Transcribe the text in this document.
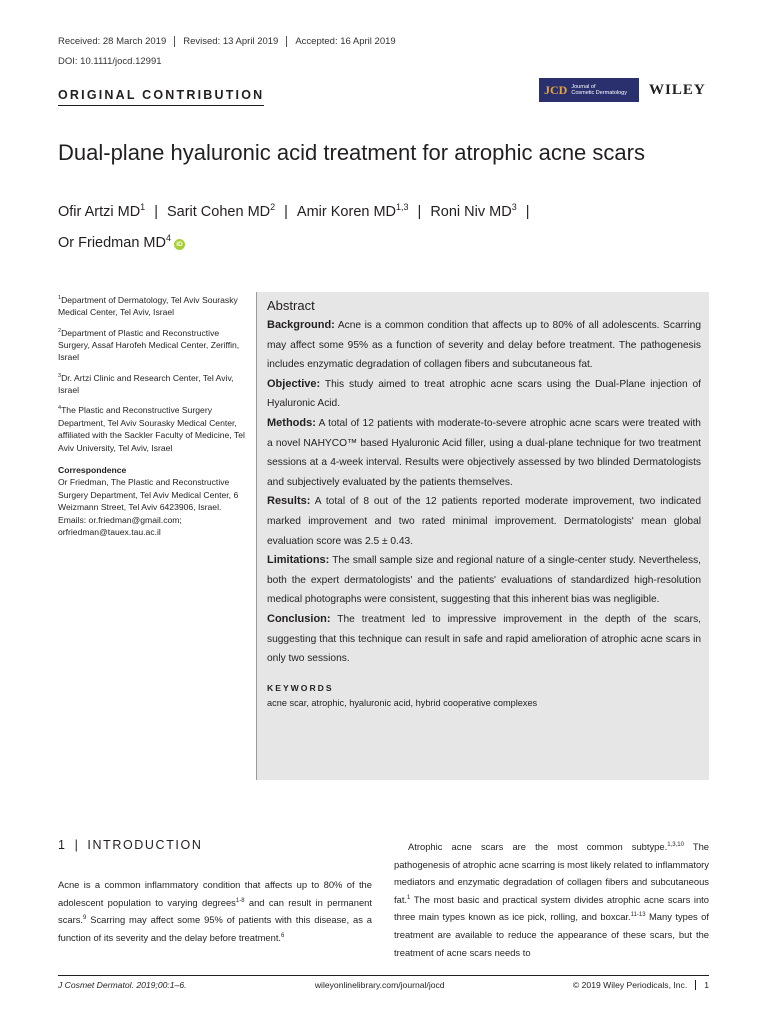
Received: 28 March 2019	Revised: 13 April 2019	Accepted: 16 April 2019
DOI: 10.1111/jocd.12991
ORIGINAL CONTRIBUTION	JCD Journal of
Cosmetic Dermatology WILEY
Dual-plane hyaluronic acid treatment for atrophic acne scars
Ofir Artzi $MD^1$ | Sarit Cohen $MD^2$ | Amir Koren MD$^{1,3}$ | Roni Niv $MD^3$ |
Or Friedman $MD^4iD$

$^1$Department of Dermatology, Tel Aviv Sourasky Medical Center, Tel Aviv, Israel

$^2$Department of Plastic and Reconstructive Surgery, Assaf Harofeh Medical Center, Zeriffin, Israel

$^3$Dr. Artzi Clinic and Research Center, Tel Aviv, Israel

$^4$The Plastic and Reconstructive Surgery Department, Tel Aviv Sourasky Medical Center, affiliated with the Sackler Faculty of Medicine, Tel Aviv University, Tel Aviv, Israel

Correspondence

Or Friedman, The Plastic and Reconstructive Surgery Department, Tel Aviv Medical Center, 6 Weizmann Street, Tel Aviv 6423906, Israel.
Emails: or.friedman@gmail.com; orfriedman@tauex.tau.ac.il

Abstract

Background: Acne is a common condition that affects up to 80% of all adolescents. Scarring may affect some 95% as a function of severity and delay before treatment. The pathogenesis includes enzymatic degradation of collagen fibers and subcutaneous fat.

Objective: This study aimed to treat atrophic acne scars using the Dual-Plane injection of Hyaluronic Acid.

Methods: A total of 12 patients with moderate-to-severe atrophic acne scars were treated with a novel NAHYCO™ based Hyaluronic Acid filler, using a dual-plane technique for two treatment sessions at a 4-week interval. Results were objectively assessed by two blinded Dermatologists and subjectively evaluated by the patients themselves.

Results: A total of 8 out of the 12 patients reported moderate improvement, two indicated marked improvement and two rated minimal improvement. Dermatologists' mean global evaluation score was 2.5 ± 0.43.

Limitations: The small sample size and regional nature of a single-center study. Nevertheless, both the expert dermatologists' and the patients' evaluations of standardized high-resolution medical photographs were consistent, suggesting that this inherent bias was negligible.

Conclusion: The treatment led to impressive improvement in the depth of the scars, suggesting that this technique can result in safe and rapid amelioration of atrophic acne scars in only two sessions.

KEYWORDS
acne scar, atrophic, hyaluronic acid, hybrid cooperative complexes
1 | INTRODUCTION

Acne is a common inflammatory condition that affects up to 80% of the adolescent population to varying degrees$^{1-8}$ and can result in permanent scars.$^9$ Scarring may affect some 95% of patients with this disease, as a function of its severity and the delay before treatment.$^6$

Atrophic acne scars are the most common subtype.$^{1,3,10}$ The pathogenesis of atrophic acne scarring is most likely related to inflammatory mediators and enzymatic degradation of collagen fibers and subcutaneous fat.$^1$ The most basic and practical system divides atrophic acne scars into three main types known as ice pick, rolling, and boxcar.$^{11-13}$ Many types of treatment are available to reduce the appearance of these scars, but the treatment of acne scars needs to

J Cosmet Dermatol. 2019;00:1–6.	wileyonlinelibrary.com/journal/jocd	© 2019 Wiley Periodicals, Inc. 1
